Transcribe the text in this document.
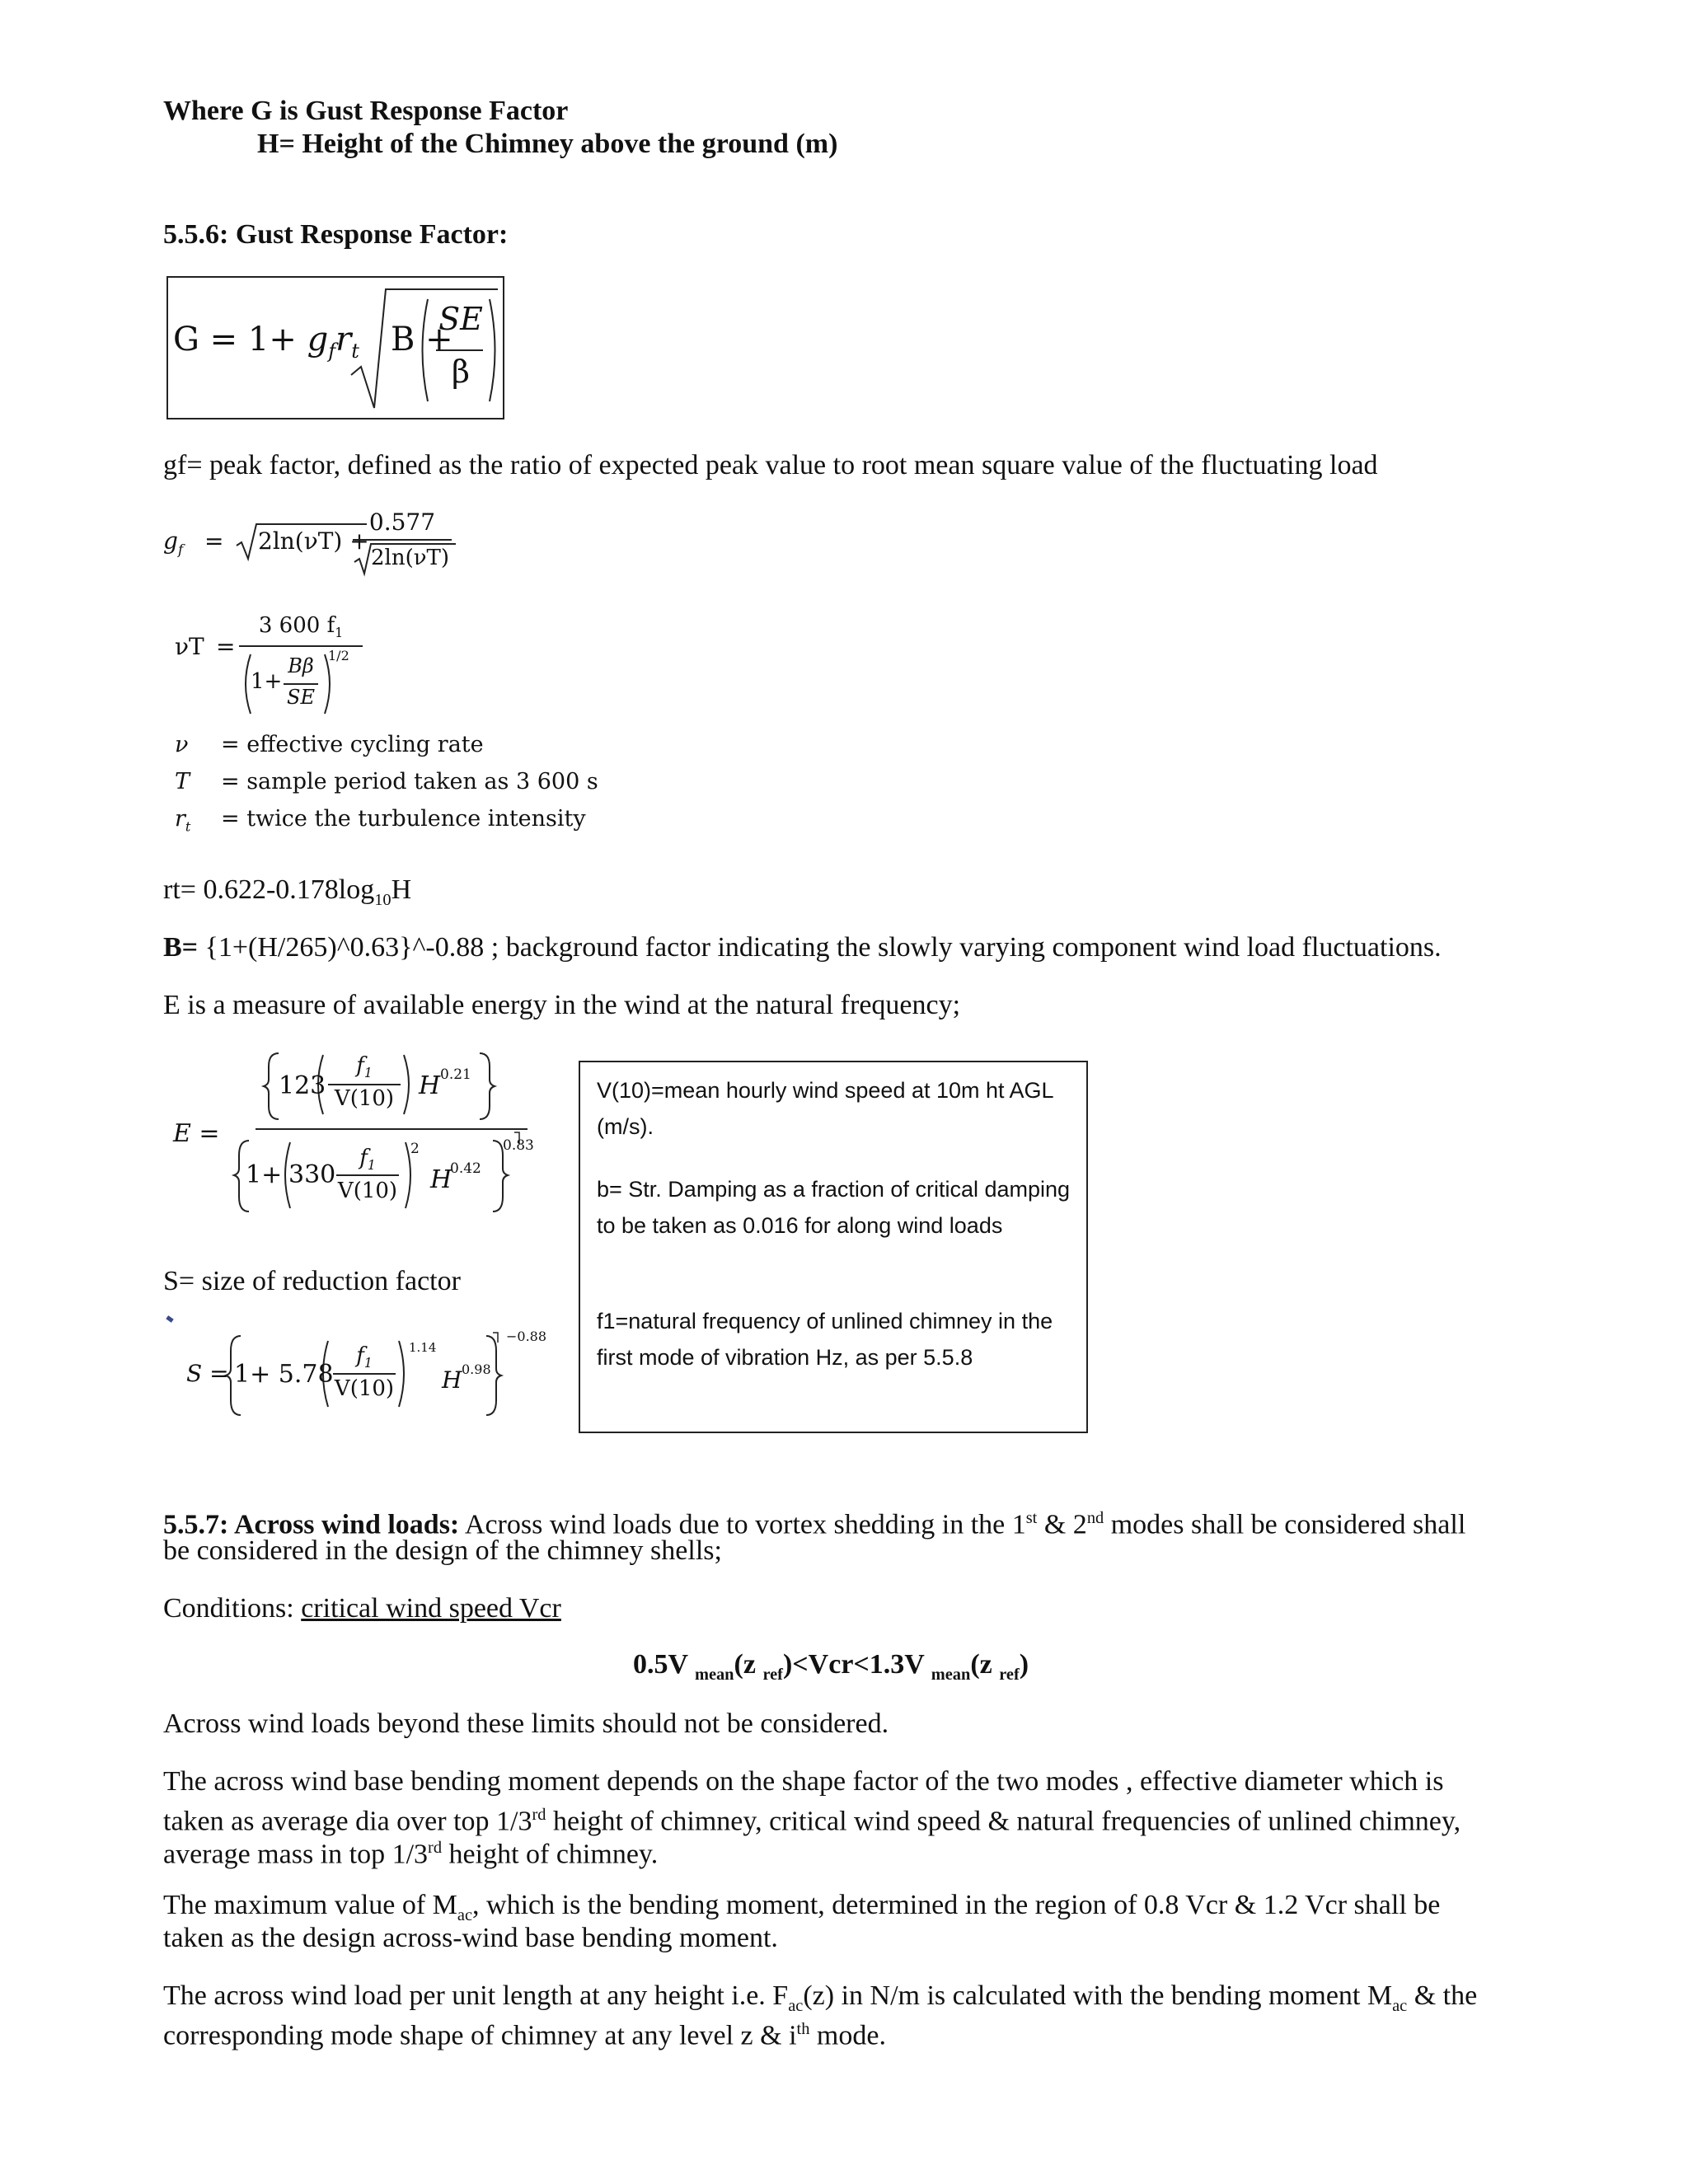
Where G is Gust Response Factor
H= Height of the Chimney above the ground (m)
5.5.6: Gust Response Factor:
$G = 1+ g_fr_t$ B +
SE
β
gf= peak factor, defined as the ratio of expected peak value to root mean square value of the fluctuating load
$g_f = 2\ln(\nu T)$ +
0.577
2ln(νT)
νT =
3 600 $f_1$
1+
Bβ
SE
1/2
ν = effective cycling rate
T = sample period taken as 3 600 s
$r_t$ = twice the turbulence intensity
$rt= 0.622-0.178\log_{10}H$
B= {1+(H/265)^0.63}^-0.88 ; background factor indicating the slowly varying component wind load fluctuations.
E is a measure of available energy in the wind at the natural frequency;
E =
123
$f_1$
V(10) H 0.21
1+ 330
$f_1$
V(10)
2
H
0.42
0.83
S= size of reduction factor
S = 1+ 5.78
$f_1$
V(10)
1.14
H 0.98
−0.88
V(10)=mean hourly wind speed at 10m ht AGL (m/s).
b= Str. Damping as a fraction of critical damping to be taken as 0.016 for along wind loads
f1=natural frequency of unlined chimney in the first mode of vibration Hz, as per 5.5.8
5.5.7: Across wind loads: Across wind loads due to vortex shedding in the 1st & 2nd modes shall be considered shall
be considered in the design of the chimney shells;
Conditions: critical wind speed Vcr
0.5V $_{mean}$(z $_{ref}$)<Vcr<1.3V $_{mean}$(z $_{ref}$)
Across wind loads beyond these limits should not be considered.
The across wind base bending moment depends on the shape factor of the two modes , effective diameter which is
taken as average dia over top 1/3rd height of chimney, critical wind speed & natural frequencies of unlined chimney,
average mass in top 1/3rd height of chimney.
The maximum value of $M_{ac}$, which is the bending moment, determined in the region of 0.8 Vcr & 1.2 Vcr shall be
taken as the design across-wind base bending moment.
The across wind load per unit length at any height i.e. $F_{ac}(z)$ in N/m is calculated with the bending moment $M_{ac}$ & the
corresponding mode shape of chimney at any level z & $i^{th}$ mode.
